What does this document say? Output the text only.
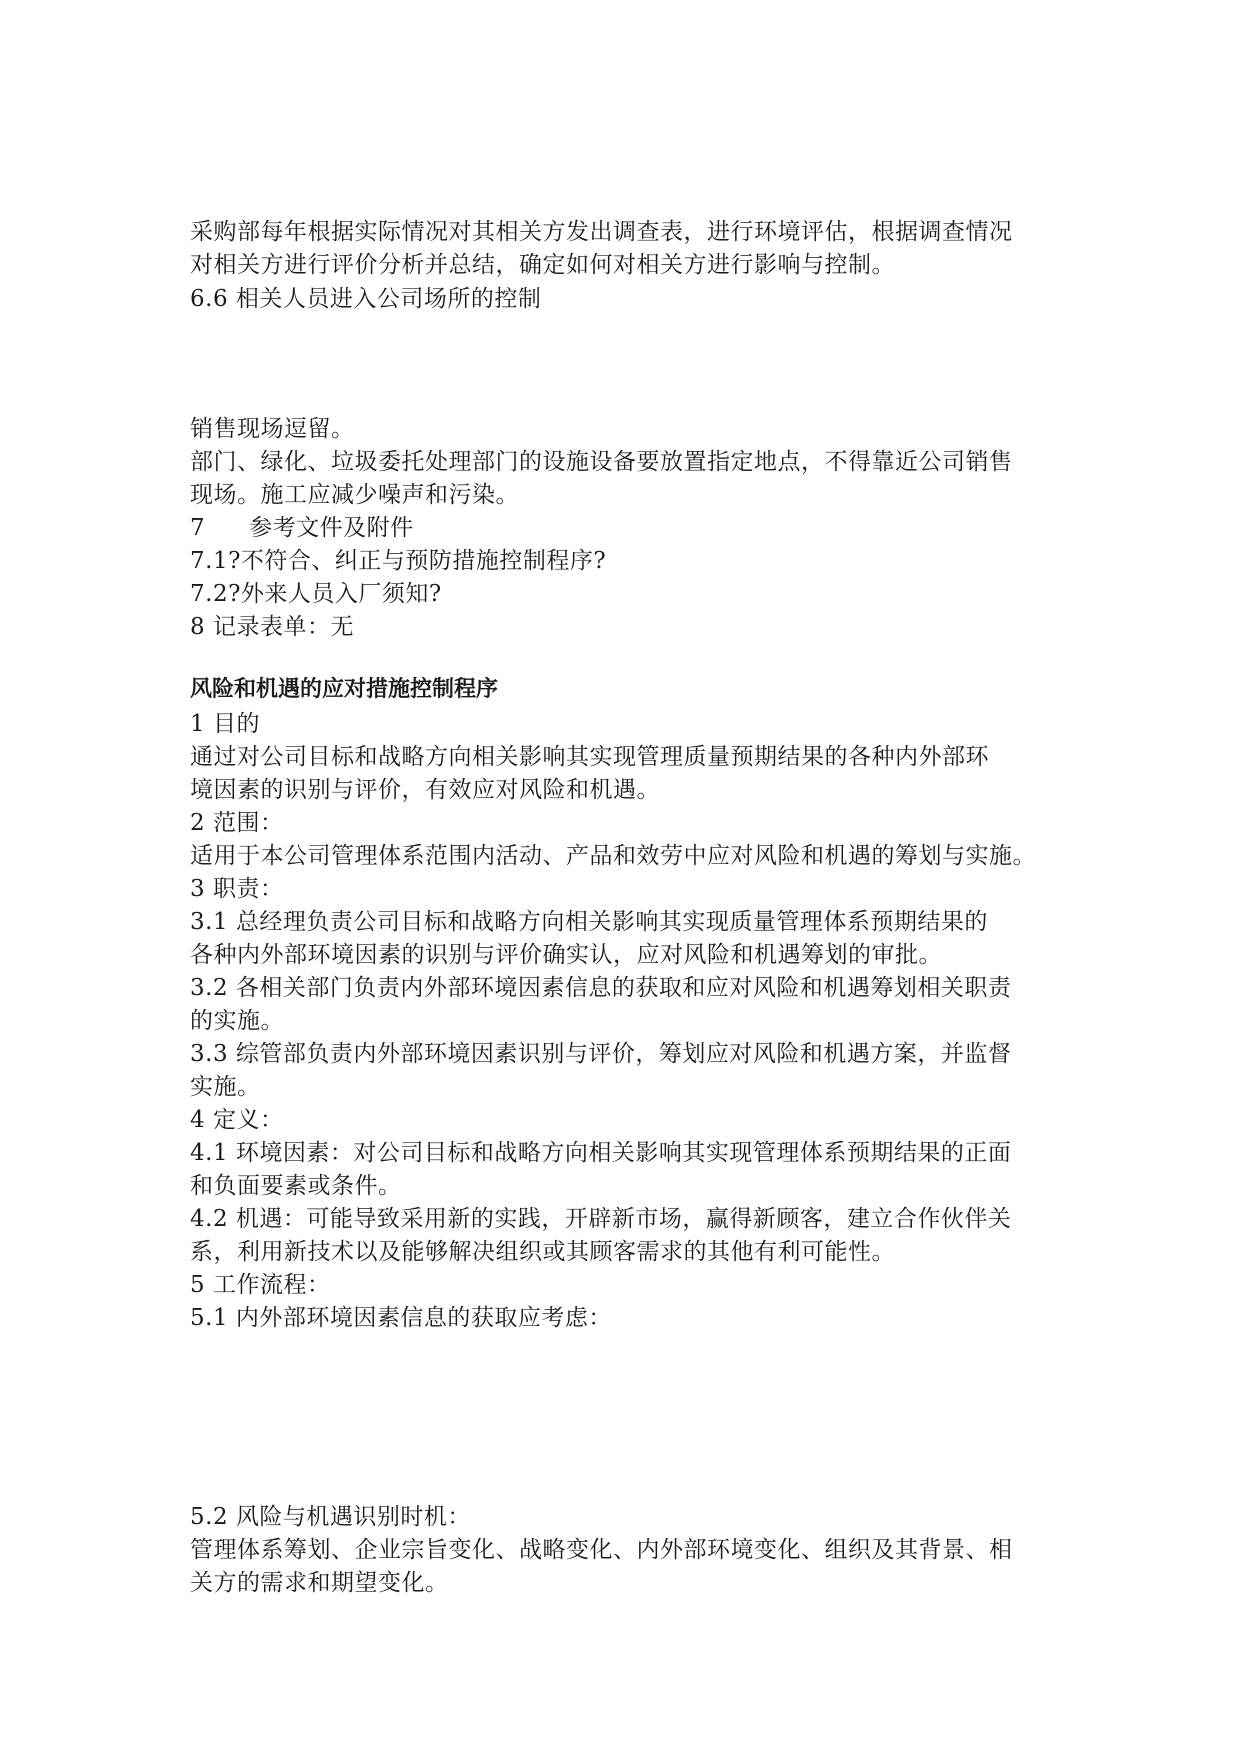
采购部每年根据实际情况对其相关方发出调查表，进行环境评估，根据调查情况
对相关方进行评价分析并总结，确定如何对相关方进行影响与控制。
6.6 相关人员进入公司场所的控制
销售现场逗留。
部门、绿化、垃圾委托处理部门的设施设备要放置指定地点，不得靠近公司销售
现场。施工应减少噪声和污染。
7 参考文件及附件
7.1?不符合、纠正与预防措施控制程序?
7.2?外来人员入厂须知?
8 记录表单：无
风险和机遇的应对措施控制程序
1 目的
通过对公司目标和战略方向相关影响其实现管理质量预期结果的各种内外部环
境因素的识别与评价，有效应对风险和机遇。
2 范围：
适用于本公司管理体系范围内活动、产品和效劳中应对风险和机遇的筹划与实施。
3 职责：
3.1 总经理负责公司目标和战略方向相关影响其实现质量管理体系预期结果的
各种内外部环境因素的识别与评价确实认，应对风险和机遇筹划的审批。
3.2 各相关部门负责内外部环境因素信息的获取和应对风险和机遇筹划相关职责
的实施。
3.3 综管部负责内外部环境因素识别与评价，筹划应对风险和机遇方案，并监督
实施。
4 定义：
4.1 环境因素：对公司目标和战略方向相关影响其实现管理体系预期结果的正面
和负面要素或条件。
4.2 机遇：可能导致采用新的实践，开辟新市场，赢得新顾客，建立合作伙伴关
系，利用新技术以及能够解决组织或其顾客需求的其他有利可能性。
5 工作流程：
5.1 内外部环境因素信息的获取应考虑：
5.2 风险与机遇识别时机：
管理体系筹划、企业宗旨变化、战略变化、内外部环境变化、组织及其背景、相
关方的需求和期望变化。
